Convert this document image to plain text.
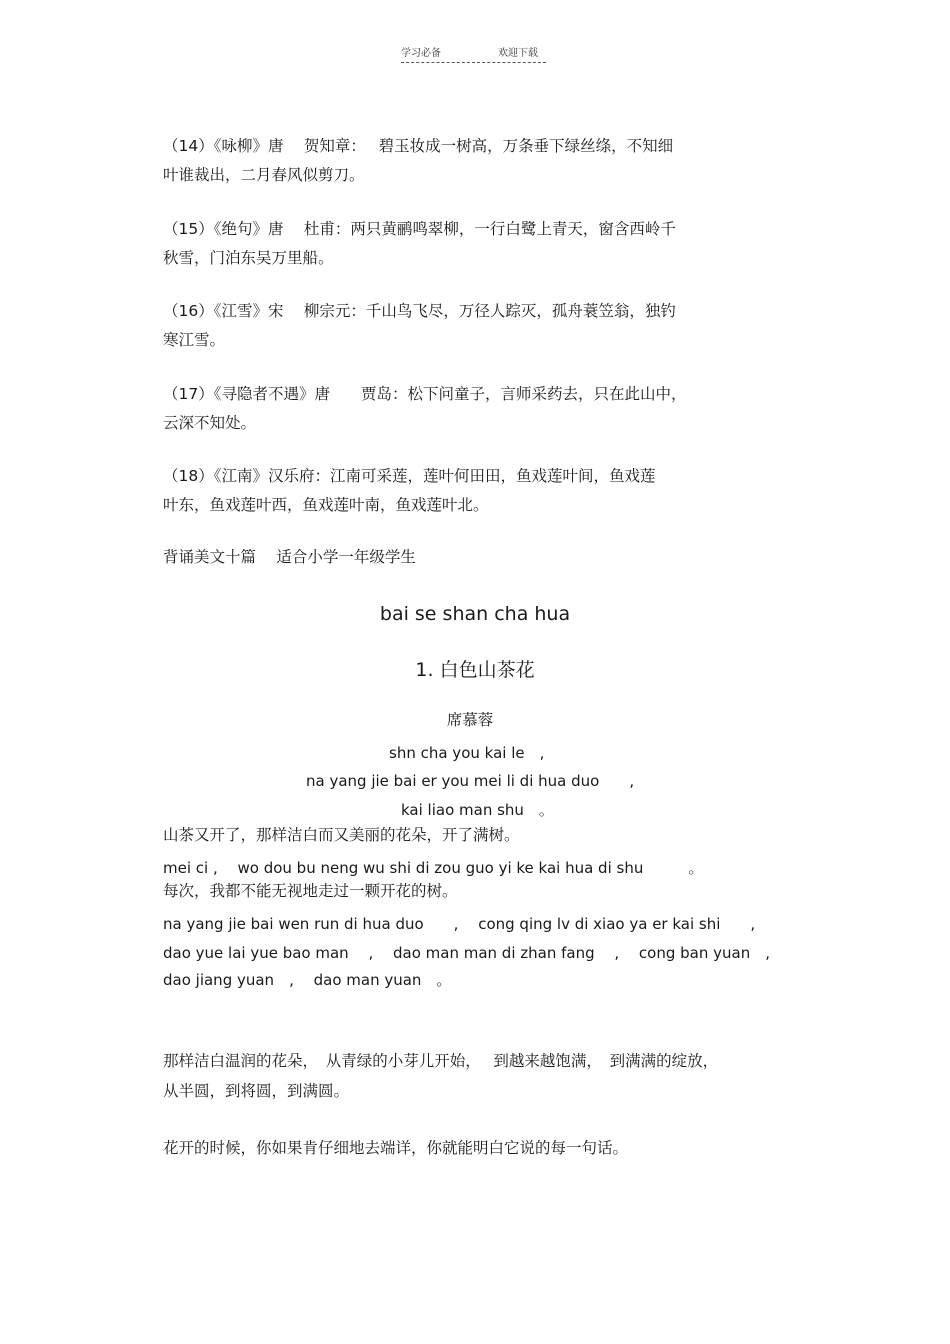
学习必备	欢迎下载
（14）《咏柳》唐　 贺知章：　 碧玉妆成一树高，万条垂下绿丝绦，不知细
叶谁裁出，二月春风似剪刀。
（15）《绝句》唐　 杜甫：两只黄鹂鸣翠柳，一行白鹭上青天，窗含西岭千
秋雪，门泊东吴万里船。
（16）《江雪》宋　 柳宗元：千山鸟飞尽，万径人踪灭，孤舟蓑笠翁，独钓
寒江雪。
（17）《寻隐者不遇》唐　　贾岛：松下问童子，言师采药去，只在此山中，
云深不知处。
（18）《江南》汉乐府：江南可采莲，莲叶何田田，鱼戏莲叶间，鱼戏莲
叶东，鱼戏莲叶西，鱼戏莲叶南，鱼戏莲叶北。
背诵美文十篇　 适合小学一年级学生
bai se shan cha hua
1. 白色山茶花
席慕蓉
shn cha you kai le　,
na yang jie bai er you mei li di hua duo　　,
kai liao man shu　。
山茶又开了，那样洁白而又美丽的花朵，开了满树。
mei ci ,　 wo dou bu neng wu shi di zou guo yi ke kai hua di shu　　　。
每次，我都不能无视地走过一颗开花的树。
na yang jie bai wen run di hua duo　　,　 cong qing lv di xiao ya er kai shi　　,
dao yue lai yue bao man　 ,　 dao man man di zhan fang　 ,　 cong ban yuan　,
dao jiang yuan　,　 dao man yuan　。
那样洁白温润的花朵，　从青绿的小芽儿开始，　 到越来越饱满，　到满满的绽放，
从半圆，到将圆，到满圆。
花开的时候，你如果肯仔细地去端详，你就能明白它说的每一句话。
